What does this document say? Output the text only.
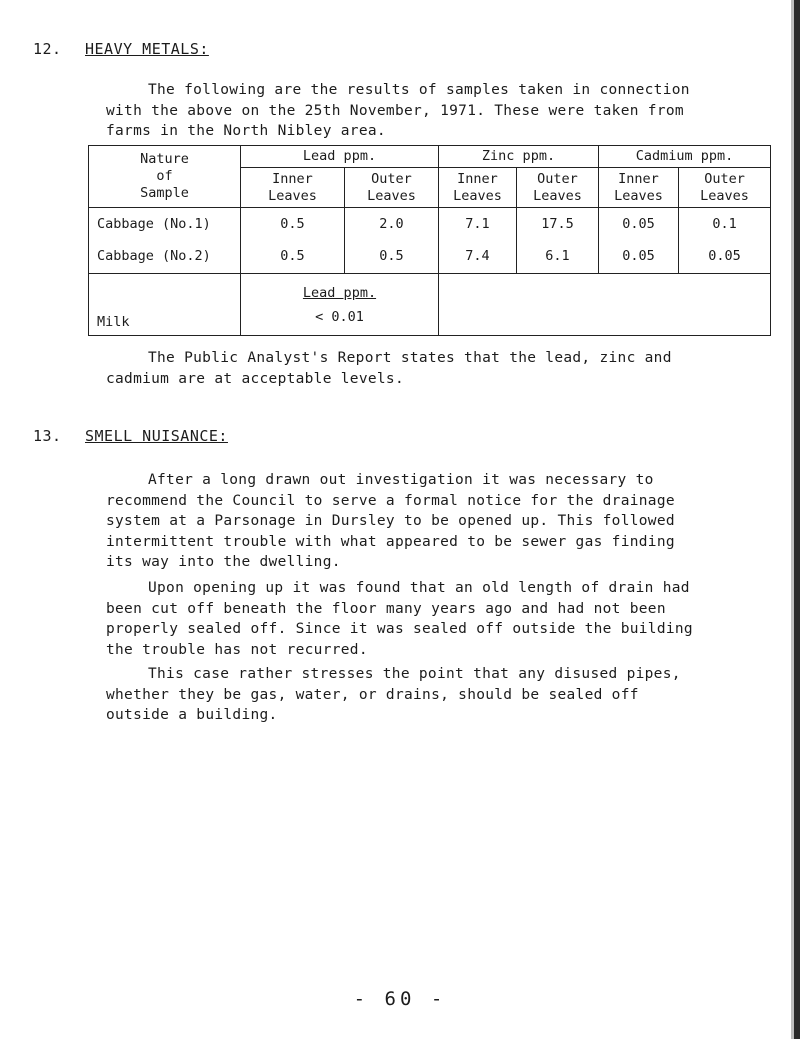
12. HEAVY METALS:

The following are the results of samples taken in connection with the above on the 25th November, 1971. These were taken from farms in the North Nibley area.

Nature of Sample	Lead ppm.		Zinc ppm.		Cadmium ppm.	
	Inner Leaves	Outer Leaves	Inner Leaves	Outer Leaves	Inner Leaves	Outer Leaves
Cabbage (No.1)	0.5	2.0	7.1	17.5	0.05	0.1
Cabbage (No.2)	0.5	0.5	7.4	6.1	0.05	0.05
Milk	Lead ppm.
< 0.01					

The Public Analyst's Report states that the lead, zinc and cadmium are at acceptable levels.

13. SMELL NUISANCE:

After a long drawn out investigation it was necessary to recommend the Council to serve a formal notice for the drainage system at a Parsonage in Dursley to be opened up. This followed intermittent trouble with what appeared to be sewer gas finding its way into the dwelling.

Upon opening up it was found that an old length of drain had been cut off beneath the floor many years ago and had not been properly sealed off. Since it was sealed off outside the building the trouble has not recurred.

This case rather stresses the point that any disused pipes, whether they be gas, water, or drains, should be sealed off outside a building.

- 60 -
